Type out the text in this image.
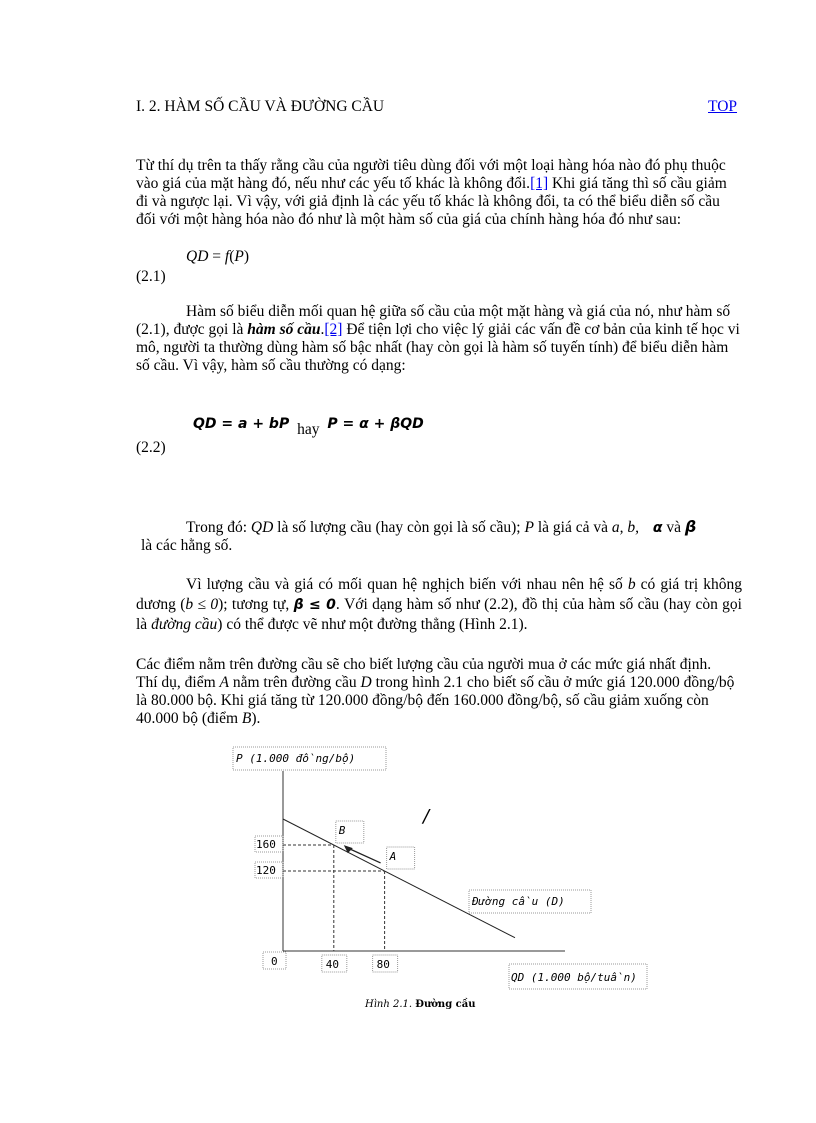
I. 2. HÀM SỐ CẦU VÀ ĐƯỜNG CẦU	TOP

Từ thí dụ trên ta thấy rằng cầu của người tiêu dùng đối với một loại hàng hóa nào đó phụ thuộc vào giá của mặt hàng đó, nếu như các yếu tố khác là không đổi.[1] Khi giá tăng thì số cầu giảm đi và ngược lại. Vì vậy, với giả định là các yếu tố khác là không đổi, ta có thể biểu diễn số cầu đối với một hàng hóa nào đó như là một hàm số của giá của chính hàng hóa đó như sau:

QD = f(P)
(2.1)

Hàm số biểu diễn mối quan hệ giữa số cầu của một mặt hàng và giá của nó, như hàm số (2.1), được gọi là hàm số cầu.[2] Để tiện lợi cho việc lý giải các vấn đề cơ bản của kinh tế học vi mô, người ta thường dùng hàm số bậc nhất (hay còn gọi là hàm số tuyến tính) để biểu diễn hàm số cầu. Vì vậy, hàm số cầu thường có dạng:

QD = a + bP hay P = α + βQD
(2.2)
Trong đó: QD là số lượng cầu (hay còn gọi là số cầu); P là giá cả và a, b, α và β
là các hằng số.

Vì lượng cầu và giá có mối quan hệ nghịch biến với nhau nên hệ số b có giá trị không dương (b ≤ 0); tương tự, β ≤ 0. Với dạng hàm số như (2.2), đồ thị của hàm số cầu (hay còn gọi là đường cầu) có thể được vẽ như một đường thẳng (Hình 2.1).

Các điểm nằm trên đường cầu sẽ cho biết lượng cầu của người mua ở các mức giá nhất định. Thí dụ, điểm A nằm trên đường cầu D trong hình 2.1 cho biết số cầu ở mức giá 120.000 đồng/bộ là 80.000 bộ. Khi giá tăng từ 120.000 đồng/bộ đến 160.000 đồng/bộ, số cầu giảm xuống còn 40.000 bộ (điểm B).

P (1.000 đồng/bộ)
160
120
40	80
0
B
A
/
Đường cầu (D)
QD (1.000 bộ/tuần)
Hình 2.1. Đường cầu
